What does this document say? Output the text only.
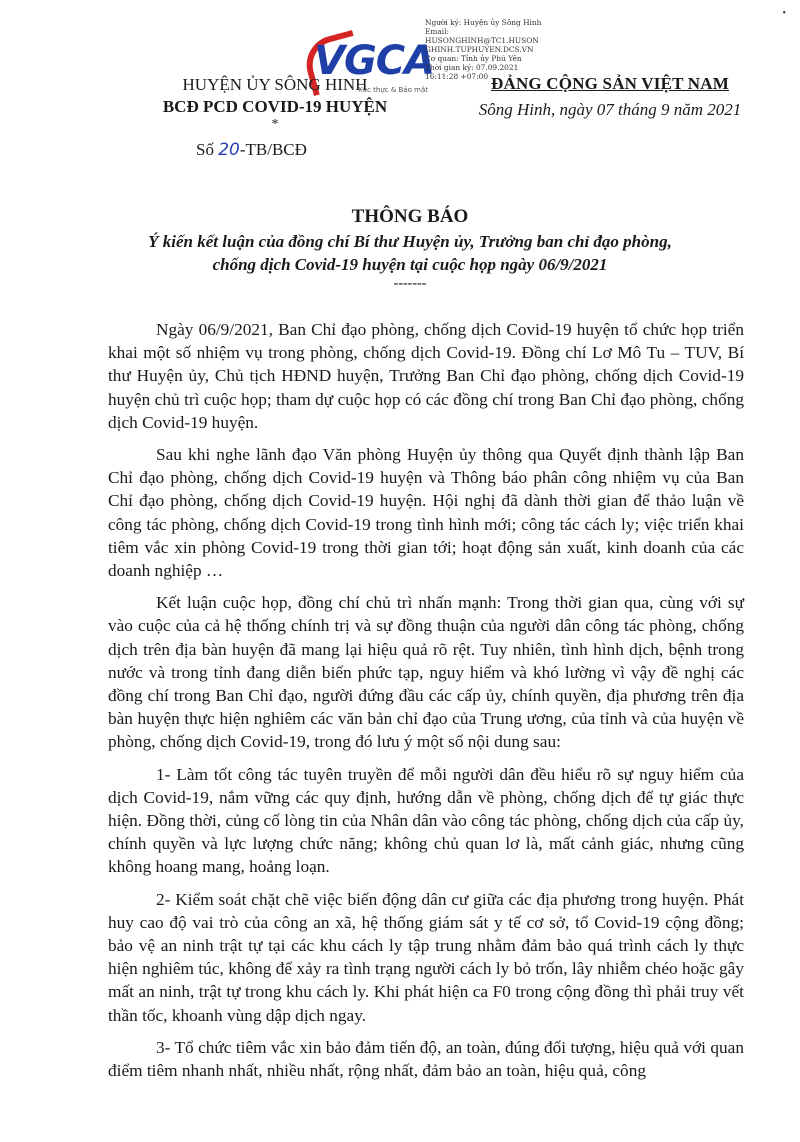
VGCA
Xác thực & Bảo mật
Người ký: Huyện ủy Sông Hinh
Email:
HUSONGHINH@TC1.HUSON
GHINH.TUPHUYEN.DCS.VN
Cơ quan: Tỉnh ủy Phú Yên
Thời gian ký: 07.09.2021
16:11:28 +07:00
•
HUYỆN ỦY SÔNG HINH
BCĐ PCD COVID-19 HUYỆN
*
Số 20-TB/BCĐ
ĐẢNG CỘNG SẢN VIỆT NAM
Sông Hinh, ngày 07 tháng 9 năm 2021
THÔNG BÁO
Ý kiến kết luận của đồng chí Bí thư Huyện ủy, Trưởng ban chỉ đạo phòng,
chống dịch Covid-19 huyện tại cuộc họp ngày 06/9/2021
-------

Ngày 06/9/2021, Ban Chỉ đạo phòng, chống dịch Covid-19 huyện tổ chức họp triển khai một số nhiệm vụ trong phòng, chống dịch Covid-19. Đồng chí Lơ Mô Tu – TUV, Bí thư Huyện ủy, Chủ tịch HĐND huyện, Trưởng Ban Chỉ đạo phòng, chống dịch Covid-19 huyện chủ trì cuộc họp; tham dự cuộc họp có các đồng chí trong Ban Chỉ đạo phòng, chống dịch Covid-19 huyện.

Sau khi nghe lãnh đạo Văn phòng Huyện ủy thông qua Quyết định thành lập Ban Chỉ đạo phòng, chống dịch Covid-19 huyện và Thông báo phân công nhiệm vụ của Ban Chỉ đạo phòng, chống dịch Covid-19 huyện. Hội nghị đã dành thời gian để thảo luận về công tác phòng, chống dịch Covid-19 trong tình hình mới; công tác cách ly; việc triển khai tiêm vắc xin phòng Covid-19 trong thời gian tới; hoạt động sản xuất, kinh doanh của các doanh nghiệp …

Kết luận cuộc họp, đồng chí chủ trì nhấn mạnh: Trong thời gian qua, cùng với sự vào cuộc của cả hệ thống chính trị và sự đồng thuận của người dân công tác phòng, chống dịch trên địa bàn huyện đã mang lại hiệu quả rõ rệt. Tuy nhiên, tình hình dịch, bệnh trong nước và trong tỉnh đang diễn biến phức tạp, nguy hiểm và khó lường vì vậy đề nghị các đồng chí trong Ban Chỉ đạo, người đứng đầu các cấp ủy, chính quyền, địa phương trên địa bàn huyện thực hiện nghiêm các văn bản chỉ đạo của Trung ương, của tỉnh và của huyện về phòng, chống dịch Covid-19, trong đó lưu ý một số nội dung sau:

1- Làm tốt công tác tuyên truyền để mỗi người dân đều hiểu rõ sự nguy hiểm của dịch Covid-19, nắm vững các quy định, hướng dẫn về phòng, chống dịch để tự giác thực hiện. Đồng thời, củng cố lòng tin của Nhân dân vào công tác phòng, chống dịch của cấp ủy, chính quyền và lực lượng chức năng; không chủ quan lơ là, mất cảnh giác, nhưng cũng không hoang mang, hoảng loạn.

2- Kiểm soát chặt chẽ việc biến động dân cư giữa các địa phương trong huyện. Phát huy cao độ vai trò của công an xã, hệ thống giám sát y tế cơ sở, tổ Covid-19 cộng đồng; bảo vệ an ninh trật tự tại các khu cách ly tập trung nhằm đảm bảo quá trình cách ly thực hiện nghiêm túc, không để xảy ra tình trạng người cách ly bỏ trốn, lây nhiễm chéo hoặc gây mất an ninh, trật tự trong khu cách ly. Khi phát hiện ca F0 trong cộng đồng thì phải truy vết thần tốc, khoanh vùng dập dịch ngay.

3- Tổ chức tiêm vắc xin bảo đảm tiến độ, an toàn, đúng đối tượng, hiệu quả với quan điểm tiêm nhanh nhất, nhiều nhất, rộng nhất, đảm bảo an toàn, hiệu quả, công
